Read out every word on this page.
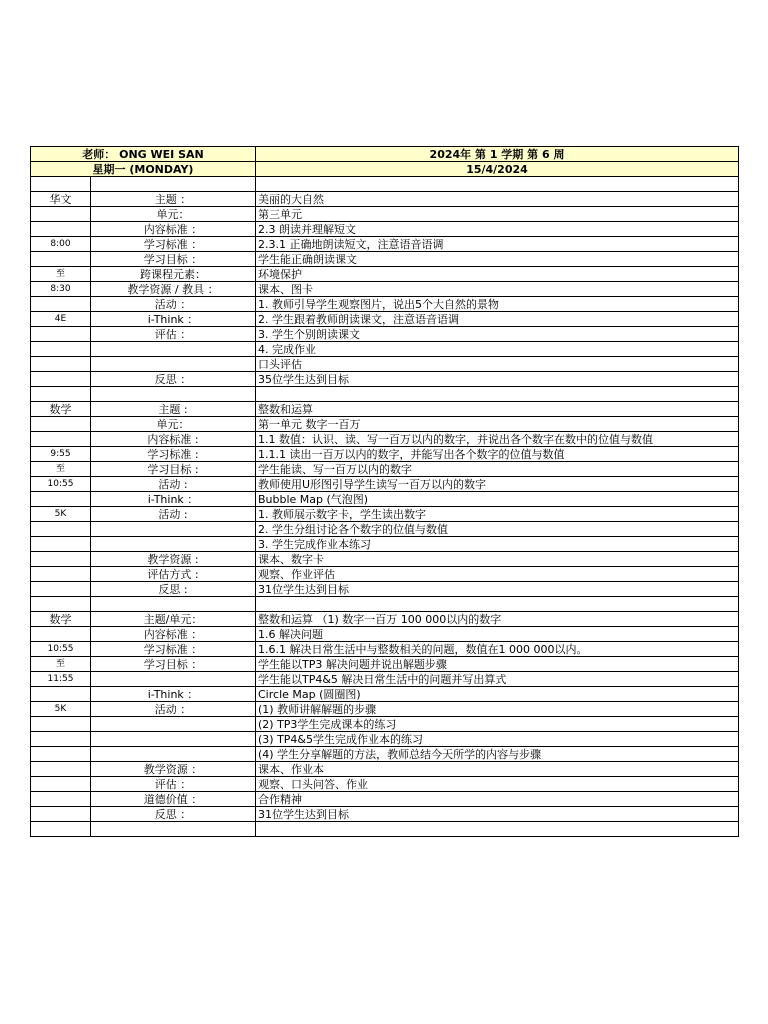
老师： ONG WEI SAN		2024年 第 1 学期 第 6 周
星期一 (MONDAY)		15/4/2024

华文	主题 ：	美丽的大自然
	单元：	第三单元
	内容标准 ：	2.3 朗读并理解短文
8:00	学习标准 ：	2.3.1 正确地朗读短文，注意语音语调
	学习目标 ：	学生能正确朗读课文
至	跨课程元素：	环境保护
8:30	教学资源 / 教具 ：	课本、图卡
	活动 ：	1. 教师引导学生观察图片，说出5个大自然的景物
4E	i-Think ：	2. 学生跟着教师朗读课文，注意语音语调
	评估 ：	3. 学生个别朗读课文
		4. 完成作业
		口头评估
	反思 ：	35位学生达到目标

数学	主题 :	整数和运算
	单元：	第一单元 数字一百万
	内容标准 :	1.1 数值：认识、读、写一百万以内的数字，并说出各个数字在数中的位值与数值
9:55	学习标准 :	1.1.1 读出一百万以内的数字，并能写出各个数字的位值与数值
至	学习目标 :	学生能读、写一百万以内的数字
10:55	活动 :	教师使用U形图引导学生读写一百万以内的数字
	i-Think ：	Bubble Map (气泡图)
5K	活动 :	1. 教师展示数字卡，学生读出数字
		2. 学生分组讨论各个数字的位值与数值
		3. 学生完成作业本练习
	教学资源 :	课本、数字卡
	评估方式 :	观察、作业评估
	反思 :	31位学生达到目标

数学	主题/单元：	整数和运算 （1) 数字一百万 100 000以内的数字
	内容标准 ：	1.6 解决问题
10:55	学习标准 ：	1.6.1 解决日常生活中与整数相关的问题，数值在1 000 000以内。
至	学习目标 ：	学生能以TP3 解决问题并说出解题步骤
11:55		学生能以TP4&5 解决日常生活中的问题并写出算式
	i-Think ：	Circle Map (圆圈图)
5K	活动 ：	(1) 教师讲解解题的步骤
		(2) TP3学生完成课本的练习
		(3) TP4&5学生完成作业本的练习
		(4) 学生分享解题的方法，教师总结今天所学的内容与步骤
	教学资源 ：	课本、作业本
	评估 ：	观察、口头问答、作业
	道德价值 ：	合作精神
	反思 ：	31位学生达到目标
